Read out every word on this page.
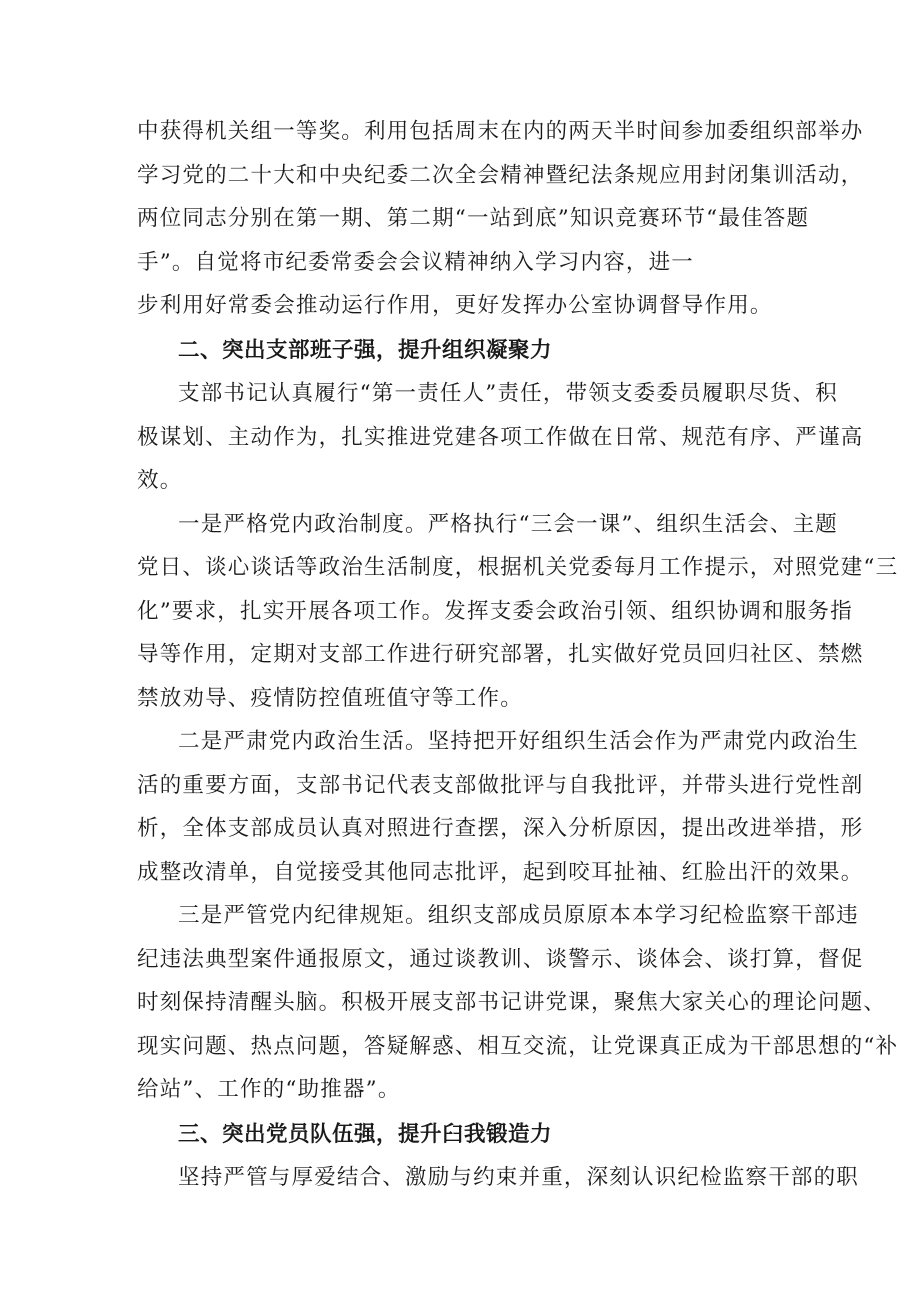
中获得机关组一等奖。利用包括周末在内的两天半时间参加委组织部举办
学习党的二十大和中央纪委二次全会精神暨纪法条规应用封闭集训活动，
两位同志分别在第一期、第二期“一站到底”知识竞赛环节“最佳答题
手”。自觉将市纪委常委会会议精神纳入学习内容，进一
步利用好常委会推动运行作用，更好发挥办公室协调督导作用。
二、突出支部班子强，提升组织凝聚力
支部书记认真履行“第一责任人”责任，带领支委委员履职尽货、积
极谋划、主动作为，扎实推进党建各项工作做在日常、规范有序、严谨高
效。
一是严格党内政治制度。严格执行“三会一课”、组织生活会、主题
党日、谈心谈话等政治生活制度，根据机关党委每月工作提示，对照党建“三
化”要求，扎实开展各项工作。发挥支委会政治引领、组织协调和服务指
导等作用，定期对支部工作进行研究部署，扎实做好党员回归社区、禁燃
禁放劝导、疫情防控值班值守等工作。
二是严肃党内政治生活。坚持把开好组织生活会作为严肃党内政治生
活的重要方面，支部书记代表支部做批评与自我批评，并带头进行党性剖
析，全体支部成员认真对照进行查摆，深入分析原因，提出改进举措，形
成整改清单，自觉接受其他同志批评，起到咬耳扯袖、红脸出汗的效果。
三是严管党内纪律规矩。组织支部成员原原本本学习纪检监察干部违
纪违法典型案件通报原文，通过谈教训、谈警示、谈体会、谈打算，督促
时刻保持清醒头脑。积极开展支部书记讲党课，聚焦大家关心的理论问题、
现实问题、热点问题，答疑解惑、相互交流，让党课真正成为干部思想的“补
给站”、工作的“助推器”。
三、突出党员队伍强，提升臼我锻造力
坚持严管与厚爱结合、激励与约束并重，深刻认识纪检监察干部的职
